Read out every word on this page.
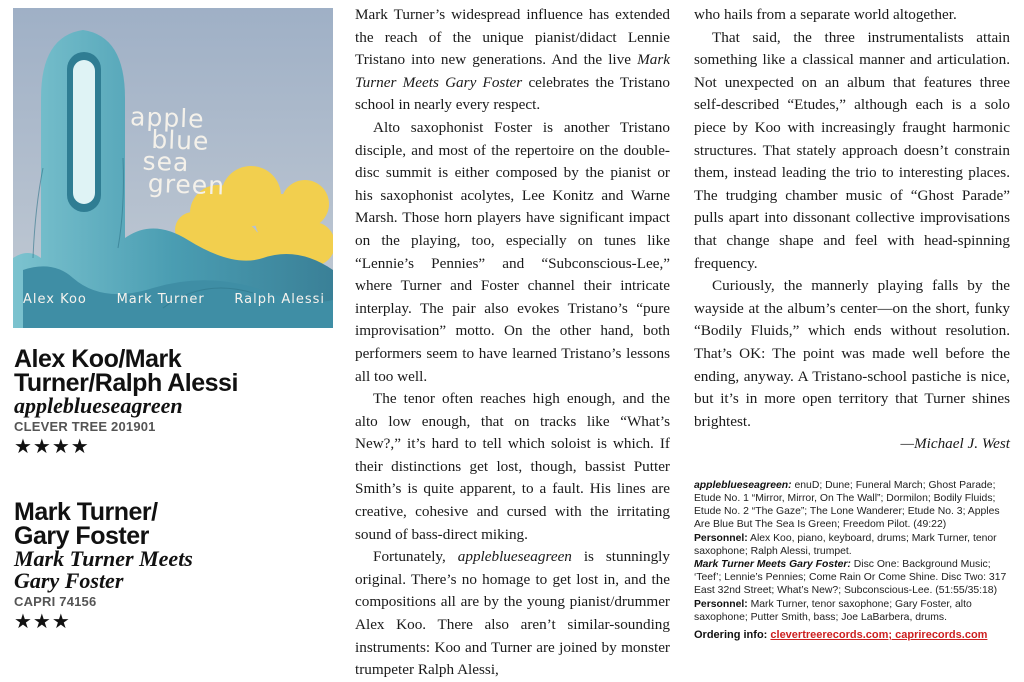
apple
blue
sea
green
Alex Koo Mark Turner Ralph Alessi
Alex Koo/Mark Turner/Ralph Alessi
appleblueseagreen
CLEVER TREE 201901
★★★★
Mark Turner/
Gary Foster
Mark Turner Meets
Gary Foster
CAPRI 74156
★★★

Mark Turner’s widespread influence has extended the reach of the unique pianist/didact Lennie Tristano into new generations. And the live Mark Turner Meets Gary Foster celebrates the Tristano school in nearly every respect.

Alto saxophonist Foster is another Tristano disciple, and most of the repertoire on the double-disc summit is either composed by the pianist or his saxophonist acolytes, Lee Konitz and Warne Marsh. Those horn players have significant impact on the playing, too, especially on tunes like “Lennie’s Pennies” and “Subconscious-Lee,” where Turner and Foster channel their intricate interplay. The pair also evokes Tristano’s “pure improvisation” motto. On the other hand, both performers seem to have learned Tristano’s lessons all too well.

The tenor often reaches high enough, and the alto low enough, that on tracks like “What’s New?,” it’s hard to tell which soloist is which. If their distinctions get lost, though, bassist Putter Smith’s is quite apparent, to a fault. His lines are creative, cohesive and cursed with the irritating sound of bass-direct miking.

Fortunately, appleblueseagreen is stunningly original. There’s no homage to get lost in, and the compositions all are by the young pianist/drummer Alex Koo. There also aren’t similar-sounding instruments: Koo and Turner are joined by monster trumpeter Ralph Alessi,

who hails from a separate world altogether.

That said, the three instrumentalists attain something like a classical manner and articulation. Not unexpected on an album that features three self-described “Etudes,” although each is a solo piece by Koo with increasingly fraught harmonic structures. That stately approach doesn’t constrain them, instead leading the trio to interesting places. The trudging chamber music of “Ghost Parade” pulls apart into dissonant collective improvisations that change shape and feel with head-spinning frequency.

Curiously, the mannerly playing falls by the wayside at the album’s center—on the short, funky “Bodily Fluids,” which ends without resolution. That’s OK: The point was made well before the ending, anyway. A Tristano-school pastiche is nice, but it’s in more open territory that Turner shines brightest.

—Michael J. West

appleblueseagreen: enuD; Dune; Funeral March; Ghost Parade; Etude No. 1 “Mirror, Mirror, On The Wall”; Dormilon; Bodily Fluids; Etude No. 2 “The Gaze”; The Lone Wanderer; Etude No. 3; Apples Are Blue But The Sea Is Green; Freedom Pilot. (49:22)

Personnel: Alex Koo, piano, keyboard, drums; Mark Turner, tenor saxophone; Ralph Alessi, trumpet.

Mark Turner Meets Gary Foster: Disc One: Background Music; ‘Teef’; Lennie’s Pennies; Come Rain Or Come Shine. Disc Two: 317 East 32nd Street; What’s New?; Subconscious-Lee. (51:55/35:18)

Personnel: Mark Turner, tenor saxophone; Gary Foster, alto saxophone; Putter Smith, bass; Joe LaBarbera, drums.

Ordering info: clevertreerecords.com; caprirecords.com
